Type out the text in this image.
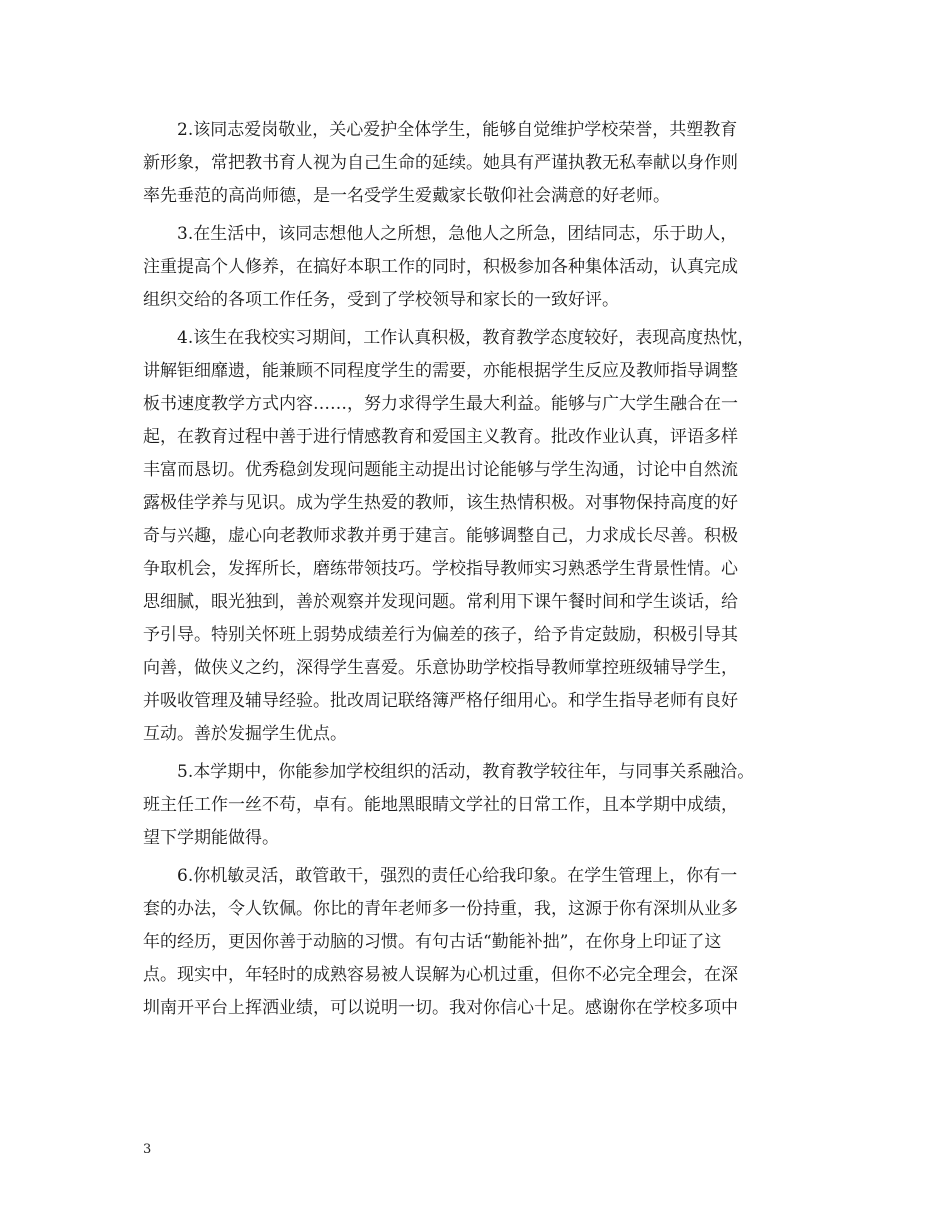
2.该同志爱岗敬业，关心爱护全体学生，能够自觉维护学校荣誉，共塑教育
新形象，常把教书育人视为自己生命的延续。她具有严谨执教无私奉献以身作则
率先垂范的高尚师德，是一名受学生爱戴家长敬仰社会满意的好老师。
3.在生活中，该同志想他人之所想，急他人之所急，团结同志，乐于助人，
注重提高个人修养，在搞好本职工作的同时，积极参加各种集体活动，认真完成
组织交给的各项工作任务，受到了学校领导和家长的一致好评。
4.该生在我校实习期间，工作认真积极，教育教学态度较好，表现高度热忱，
讲解钜细靡遗，能兼顾不同程度学生的需要，亦能根据学生反应及教师指导调整
板书速度教学方式内容……，努力求得学生最大利益。能够与广大学生融合在一
起，在教育过程中善于进行情感教育和爱国主义教育。批改作业认真，评语多样
丰富而恳切。优秀稳剑发现问题能主动提出讨论能够与学生沟通，讨论中自然流
露极佳学养与见识。成为学生热爱的教师，该生热情积极。对事物保持高度的好
奇与兴趣，虚心向老教师求教并勇于建言。能够调整自己，力求成长尽善。积极
争取机会，发挥所长，磨练带领技巧。学校指导教师实习熟悉学生背景性情。心
思细腻，眼光独到，善於观察并发现问题。常利用下课午餐时间和学生谈话，给
予引导。特别关怀班上弱势成绩差行为偏差的孩子，给予肯定鼓励，积极引导其
向善，做侠义之约，深得学生喜爱。乐意协助学校指导教师掌控班级辅导学生，
并吸收管理及辅导经验。批改周记联络簿严格仔细用心。和学生指导老师有良好
互动。善於发掘学生优点。
5.本学期中，你能参加学校组织的活动，教育教学较往年，与同事关系融洽。
班主任工作一丝不苟，卓有。能地黑眼睛文学社的日常工作，且本学期中成绩，
望下学期能做得。
6.你机敏灵活，敢管敢干，强烈的责任心给我印象。在学生管理上，你有一
套的办法，令人钦佩。你比的青年老师多一份持重，我，这源于你有深圳从业多
年的经历，更因你善于动脑的习惯。有句古话“勤能补拙”，在你身上印证了这
点。现实中，年轻时的成熟容易被人误解为心机过重，但你不必完全理会，在深
圳南开平台上挥洒业绩，可以说明一切。我对你信心十足。感谢你在学校多项中
3
